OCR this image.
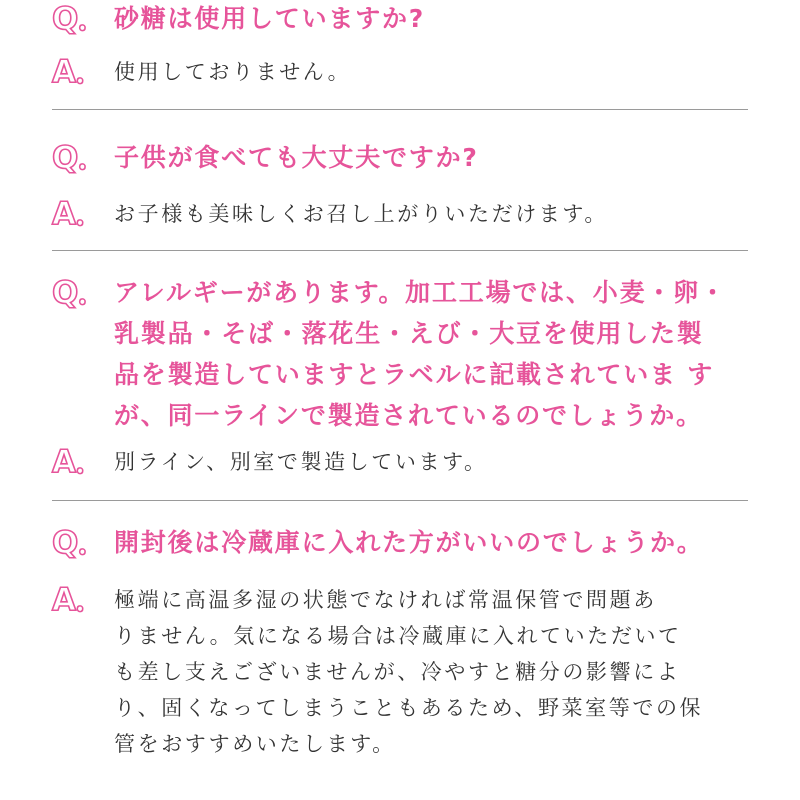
Q。 砂糖は使用していますか?
A。 使用しておりません。
Q。 子供が食べても大丈夫ですか?
A。 お子様も美味しくお召し上がりいただけます。
Q。 アレルギーがあります。加工工場では、小麦・卵・
乳製品・そば・落花生・えび・大豆を使用した製
品を製造していますとラベルに記載されていま す
が、同一ラインで製造されているのでしょうか。
A。 別ライン、別室で製造しています。
Q。 開封後は冷蔵庫に入れた方がいいのでしょうか。
A。 極端に高温多湿の状態でなければ常温保管で問題あ
りません。気になる場合は冷蔵庫に入れていただいて
も差し支えございませんが、冷やすと糖分の影響によ
り、固くなってしまうこともあるため、野菜室等での保
管をおすすめいたします。
